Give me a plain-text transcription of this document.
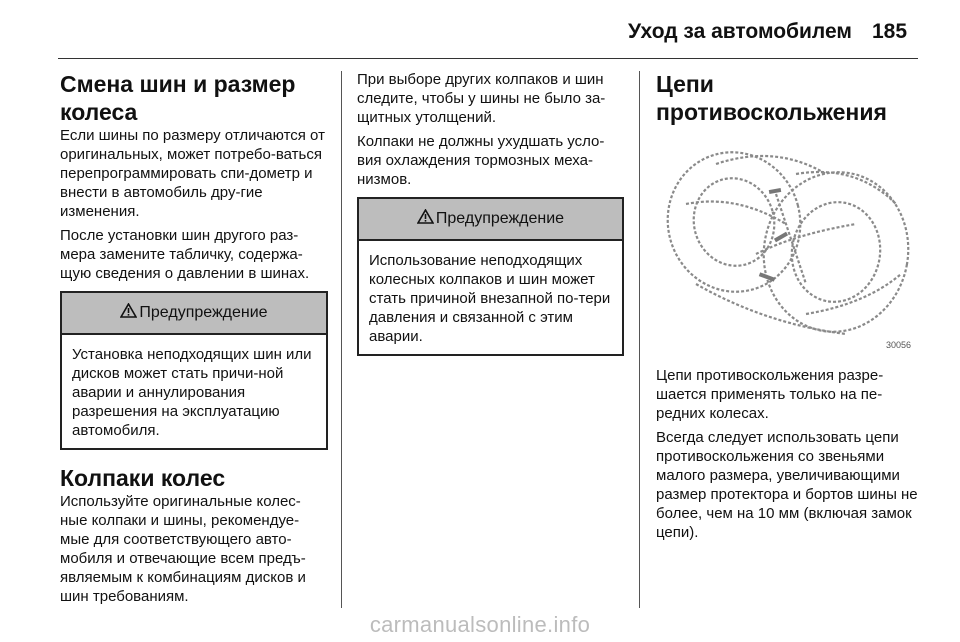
Уход за автомобилем 185
Смена шин и размер колеса

Если шины по размеру отличаются от оригинальных, может потребо-ваться перепрограммировать спи-дометр и внести в автомобиль дру-гие изменения.

После установки шин другого раз-мера замените табличку, содержа-щую сведения о давлении в шинах.

Предупреждение
Установка неподходящих шин или дисков может стать причи-ной аварии и аннулирования разрешения на эксплуатацию автомобиля.
Колпаки колес

Используйте оригинальные колес-ные колпаки и шины, рекомендуе-мые для соответствующего авто-мобиля и отвечающие всем предъ-являемым к комбинациям дисков и шин требованиям.

При выборе других колпаков и шин следите, чтобы у шины не было за-щитных утолщений.

Колпаки не должны ухудшать усло-вия охлаждения тормозных меха-низмов.

Предупреждение
Использование неподходящих колесных колпаков и шин может стать причиной внезапной по-тери давления и связанной с этим аварии.
Цепи противоскольжения
30056

Цепи противоскольжения разре-шается применять только на пе-редних колесах.

Всегда следует использовать цепи противоскольжения со звеньями малого размера, увеличивающими размер протектора и бортов шины не более, чем на 10 мм (включая замок цепи).

carmanualsonline.info
